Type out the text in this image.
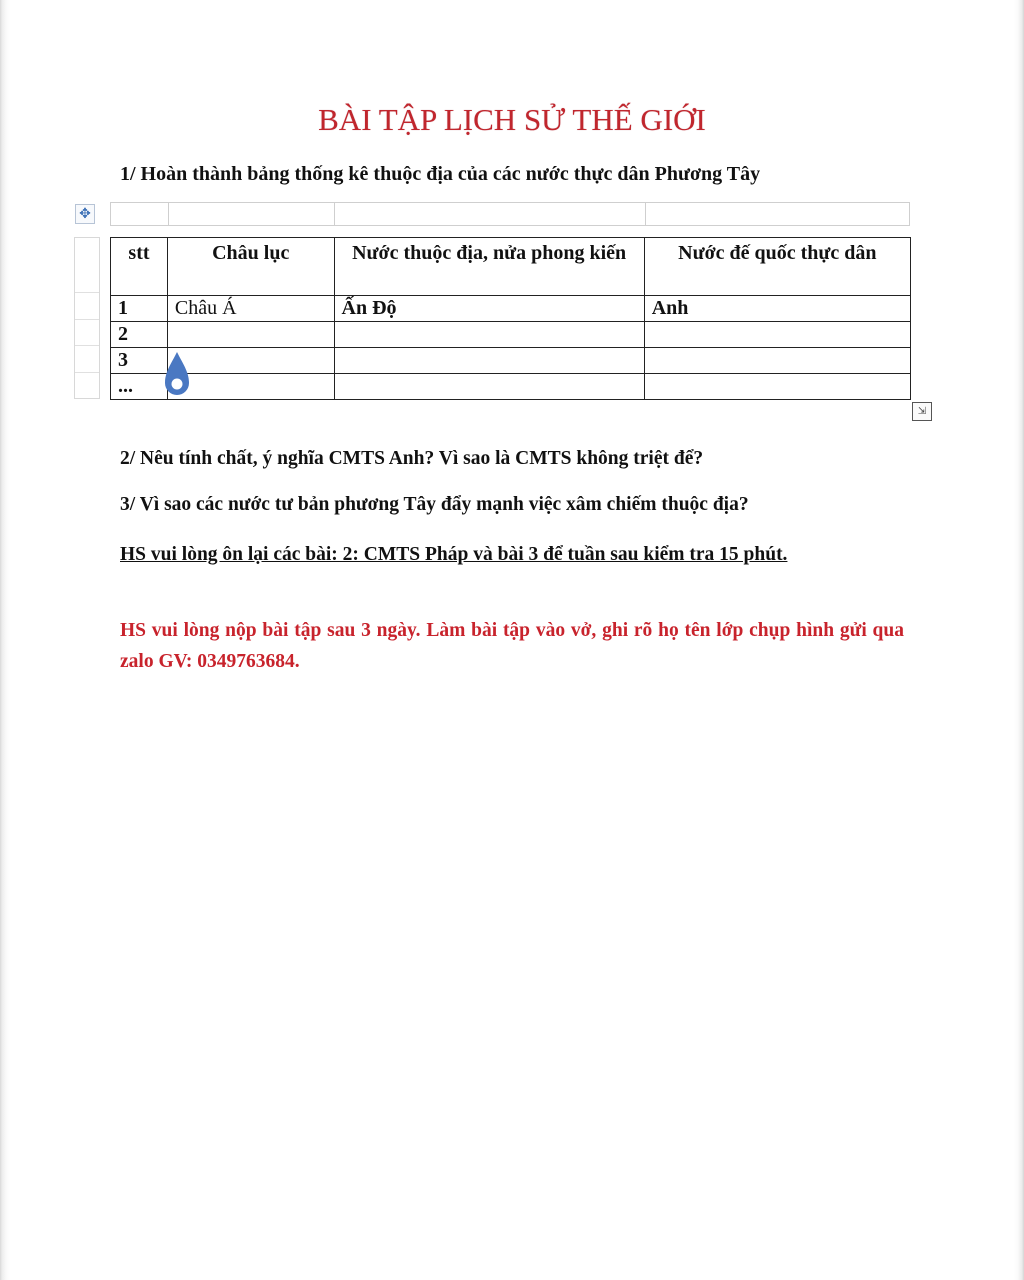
BÀI TẬP LỊCH SỬ THẾ GIỚI
1/ Hoàn thành bảng thống kê thuộc địa của các nước thực dân Phương Tây
✥
stt	Châu lục	Nước thuộc địa, nửa phong kiến	Nước đế quốc thực dân
1	Châu Á	Ấn Độ	Anh
2			
3			
...			
⇲
2/ Nêu tính chất, ý nghĩa CMTS Anh? Vì sao là CMTS không triệt để?
3/ Vì sao các nước tư bản phương Tây đẩy mạnh việc xâm chiếm thuộc địa?
HS vui lòng ôn lại các bài: 2: CMTS Pháp và bài 3 để tuần sau kiểm tra 15 phút.
HS vui lòng nộp bài tập sau 3 ngày. Làm bài tập vào vở, ghi rõ họ tên lớp chụp hình gửi qua zalo GV: 0349763684.
